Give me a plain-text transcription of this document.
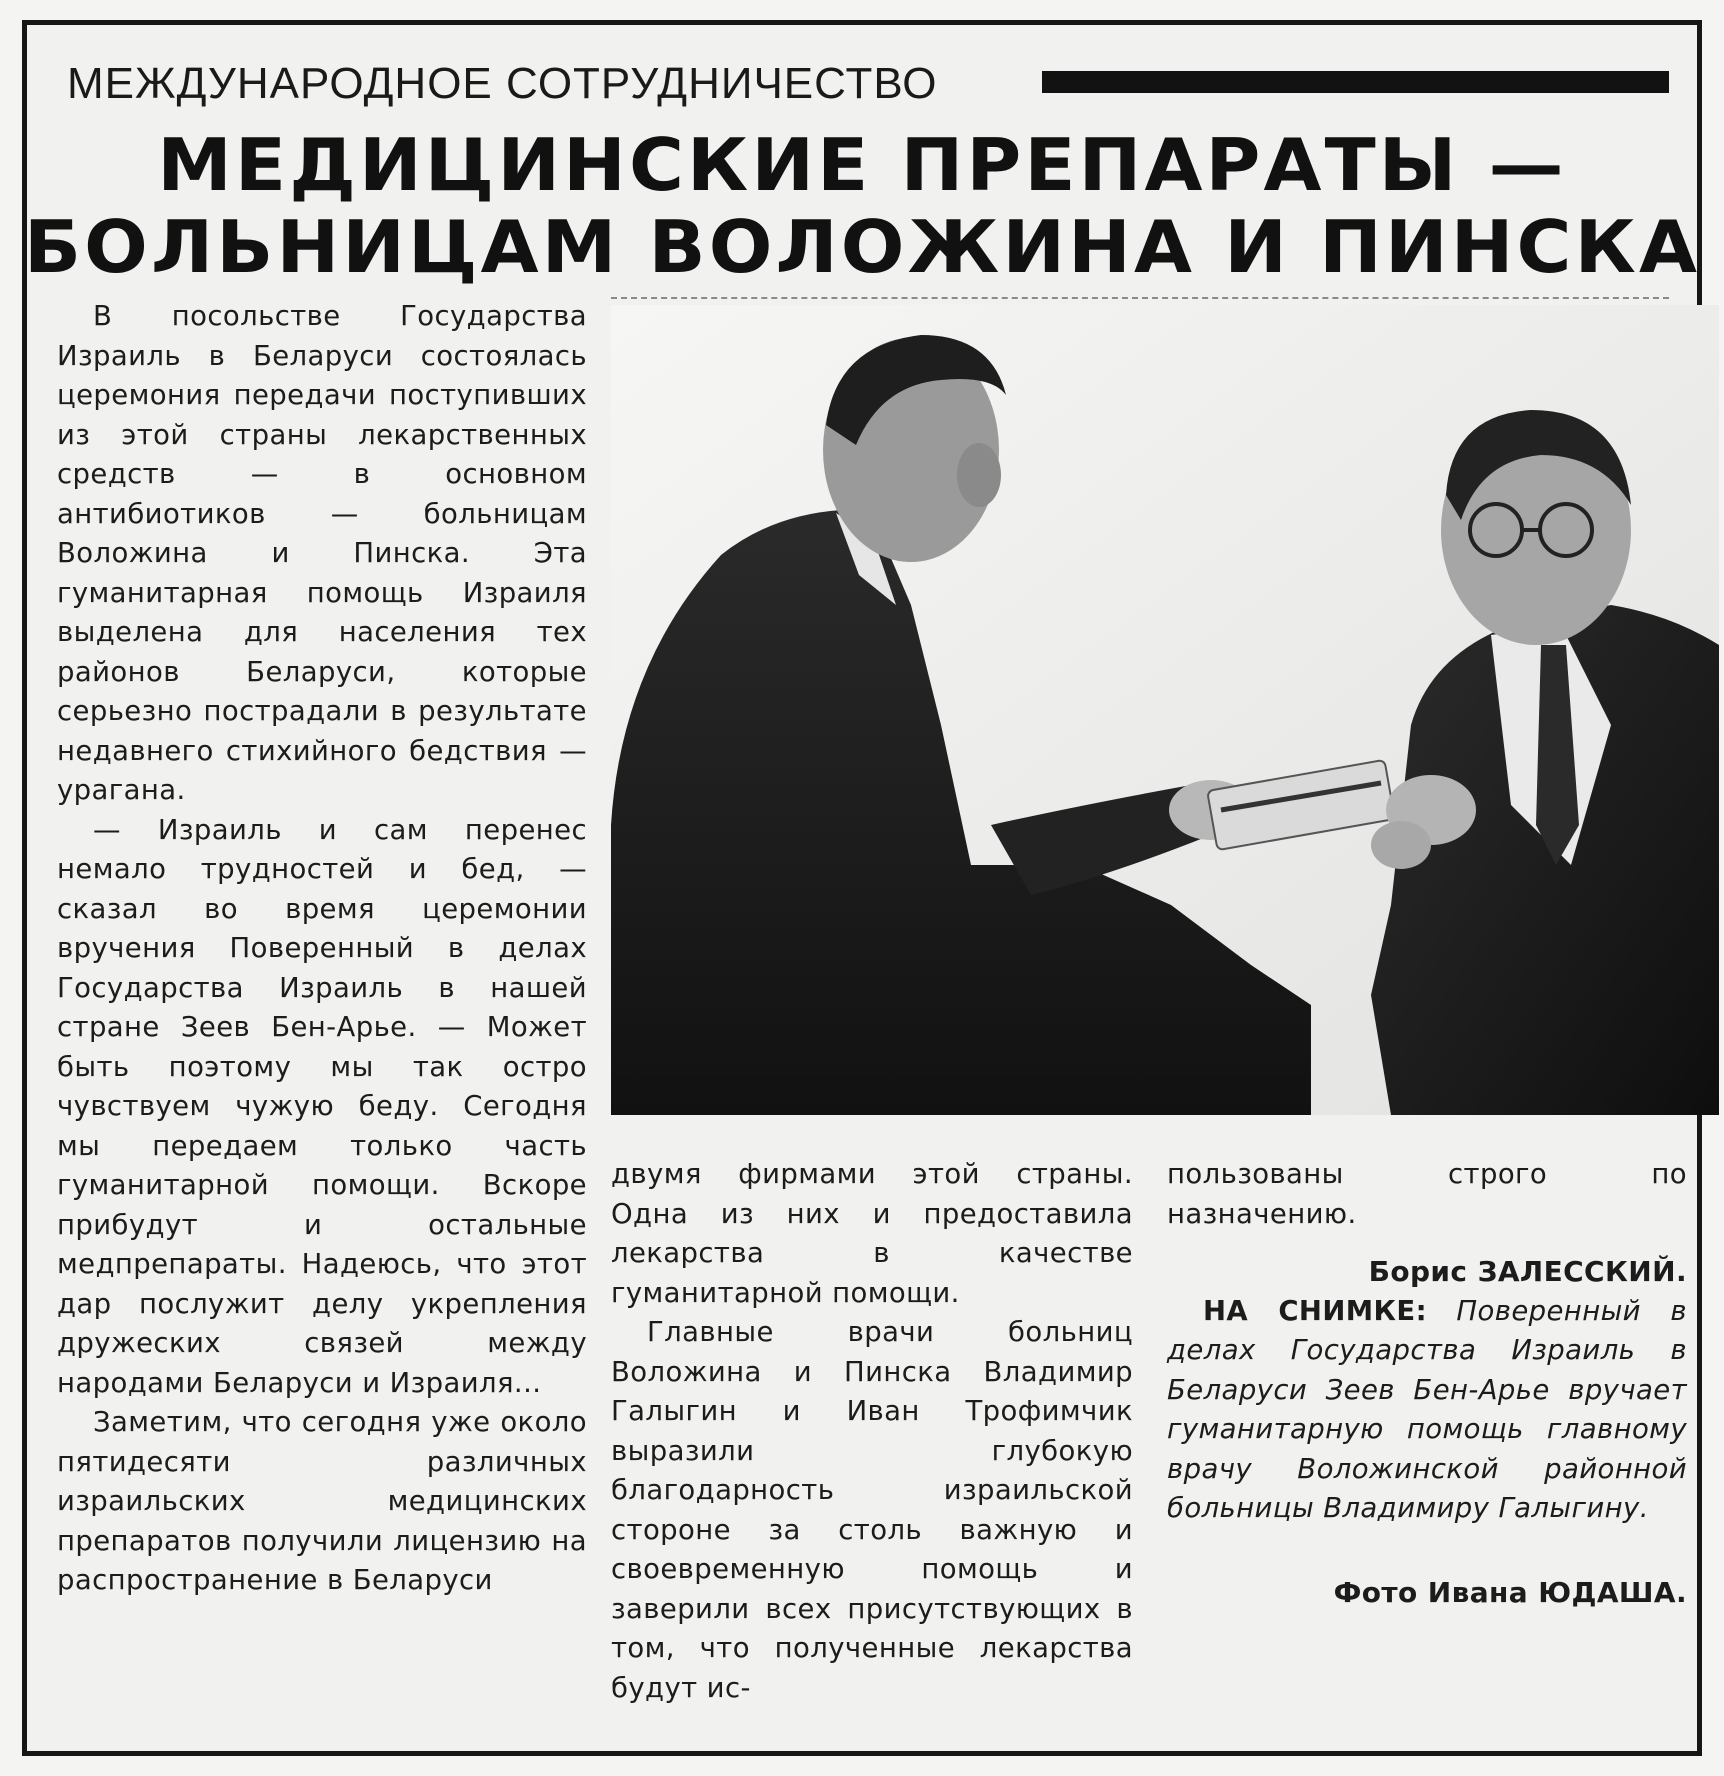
МЕЖДУНАРОДНОЕ СОТРУДНИЧЕСТВО
МЕДИЦИНСКИЕ ПРЕПАРАТЫ —
БОЛЬНИЦАМ ВОЛОЖИНА И ПИНСКА

В посольстве Государства Израиль в Беларуси состоялась церемония передачи поступивших из этой страны лекарственных средств — в основном антибиотиков — больницам Воложина и Пинска. Эта гуманитарная помощь Израиля выделена для населения тех районов Беларуси, которые серьезно пострадали в результате недавнего стихийного бедствия — урагана.

— Израиль и сам перенес немало трудностей и бед, — сказал во время церемонии вручения Поверенный в делах Государства Израиль в нашей стране Зеев Бен-Арье. — Может быть поэтому мы так остро чувствуем чужую беду. Сегодня мы передаем только часть гуманитарной помощи. Вскоре прибудут и остальные медпрепараты. Надеюсь, что этот дар послужит делу укрепления дружеских связей между народами Беларуси и Израиля...

Заметим, что сегодня уже около пятидесяти различных израильских медицинских препаратов получили лицензию на распространение в Беларуси

двумя фирмами этой страны. Одна из них и предоставила лекарства в качестве гуманитарной помощи.

Главные врачи больниц Воложина и Пинска Владимир Галыгин и Иван Трофимчик выразили глубокую благодарность израильской стороне за столь важную и своевременную помощь и заверили всех присутствующих в том, что полученные лекарства будут ис-

пользованы строго по назначению.

Борис ЗАЛЕССКИЙ.

НА СНИМКЕ: Поверенный в делах Государства Израиль в Беларуси Зеев Бен-Арье вручает гуманитарную помощь главному врачу Воложинской районной больницы Владимиру Галыгину.

Фото Ивана ЮДАША.
